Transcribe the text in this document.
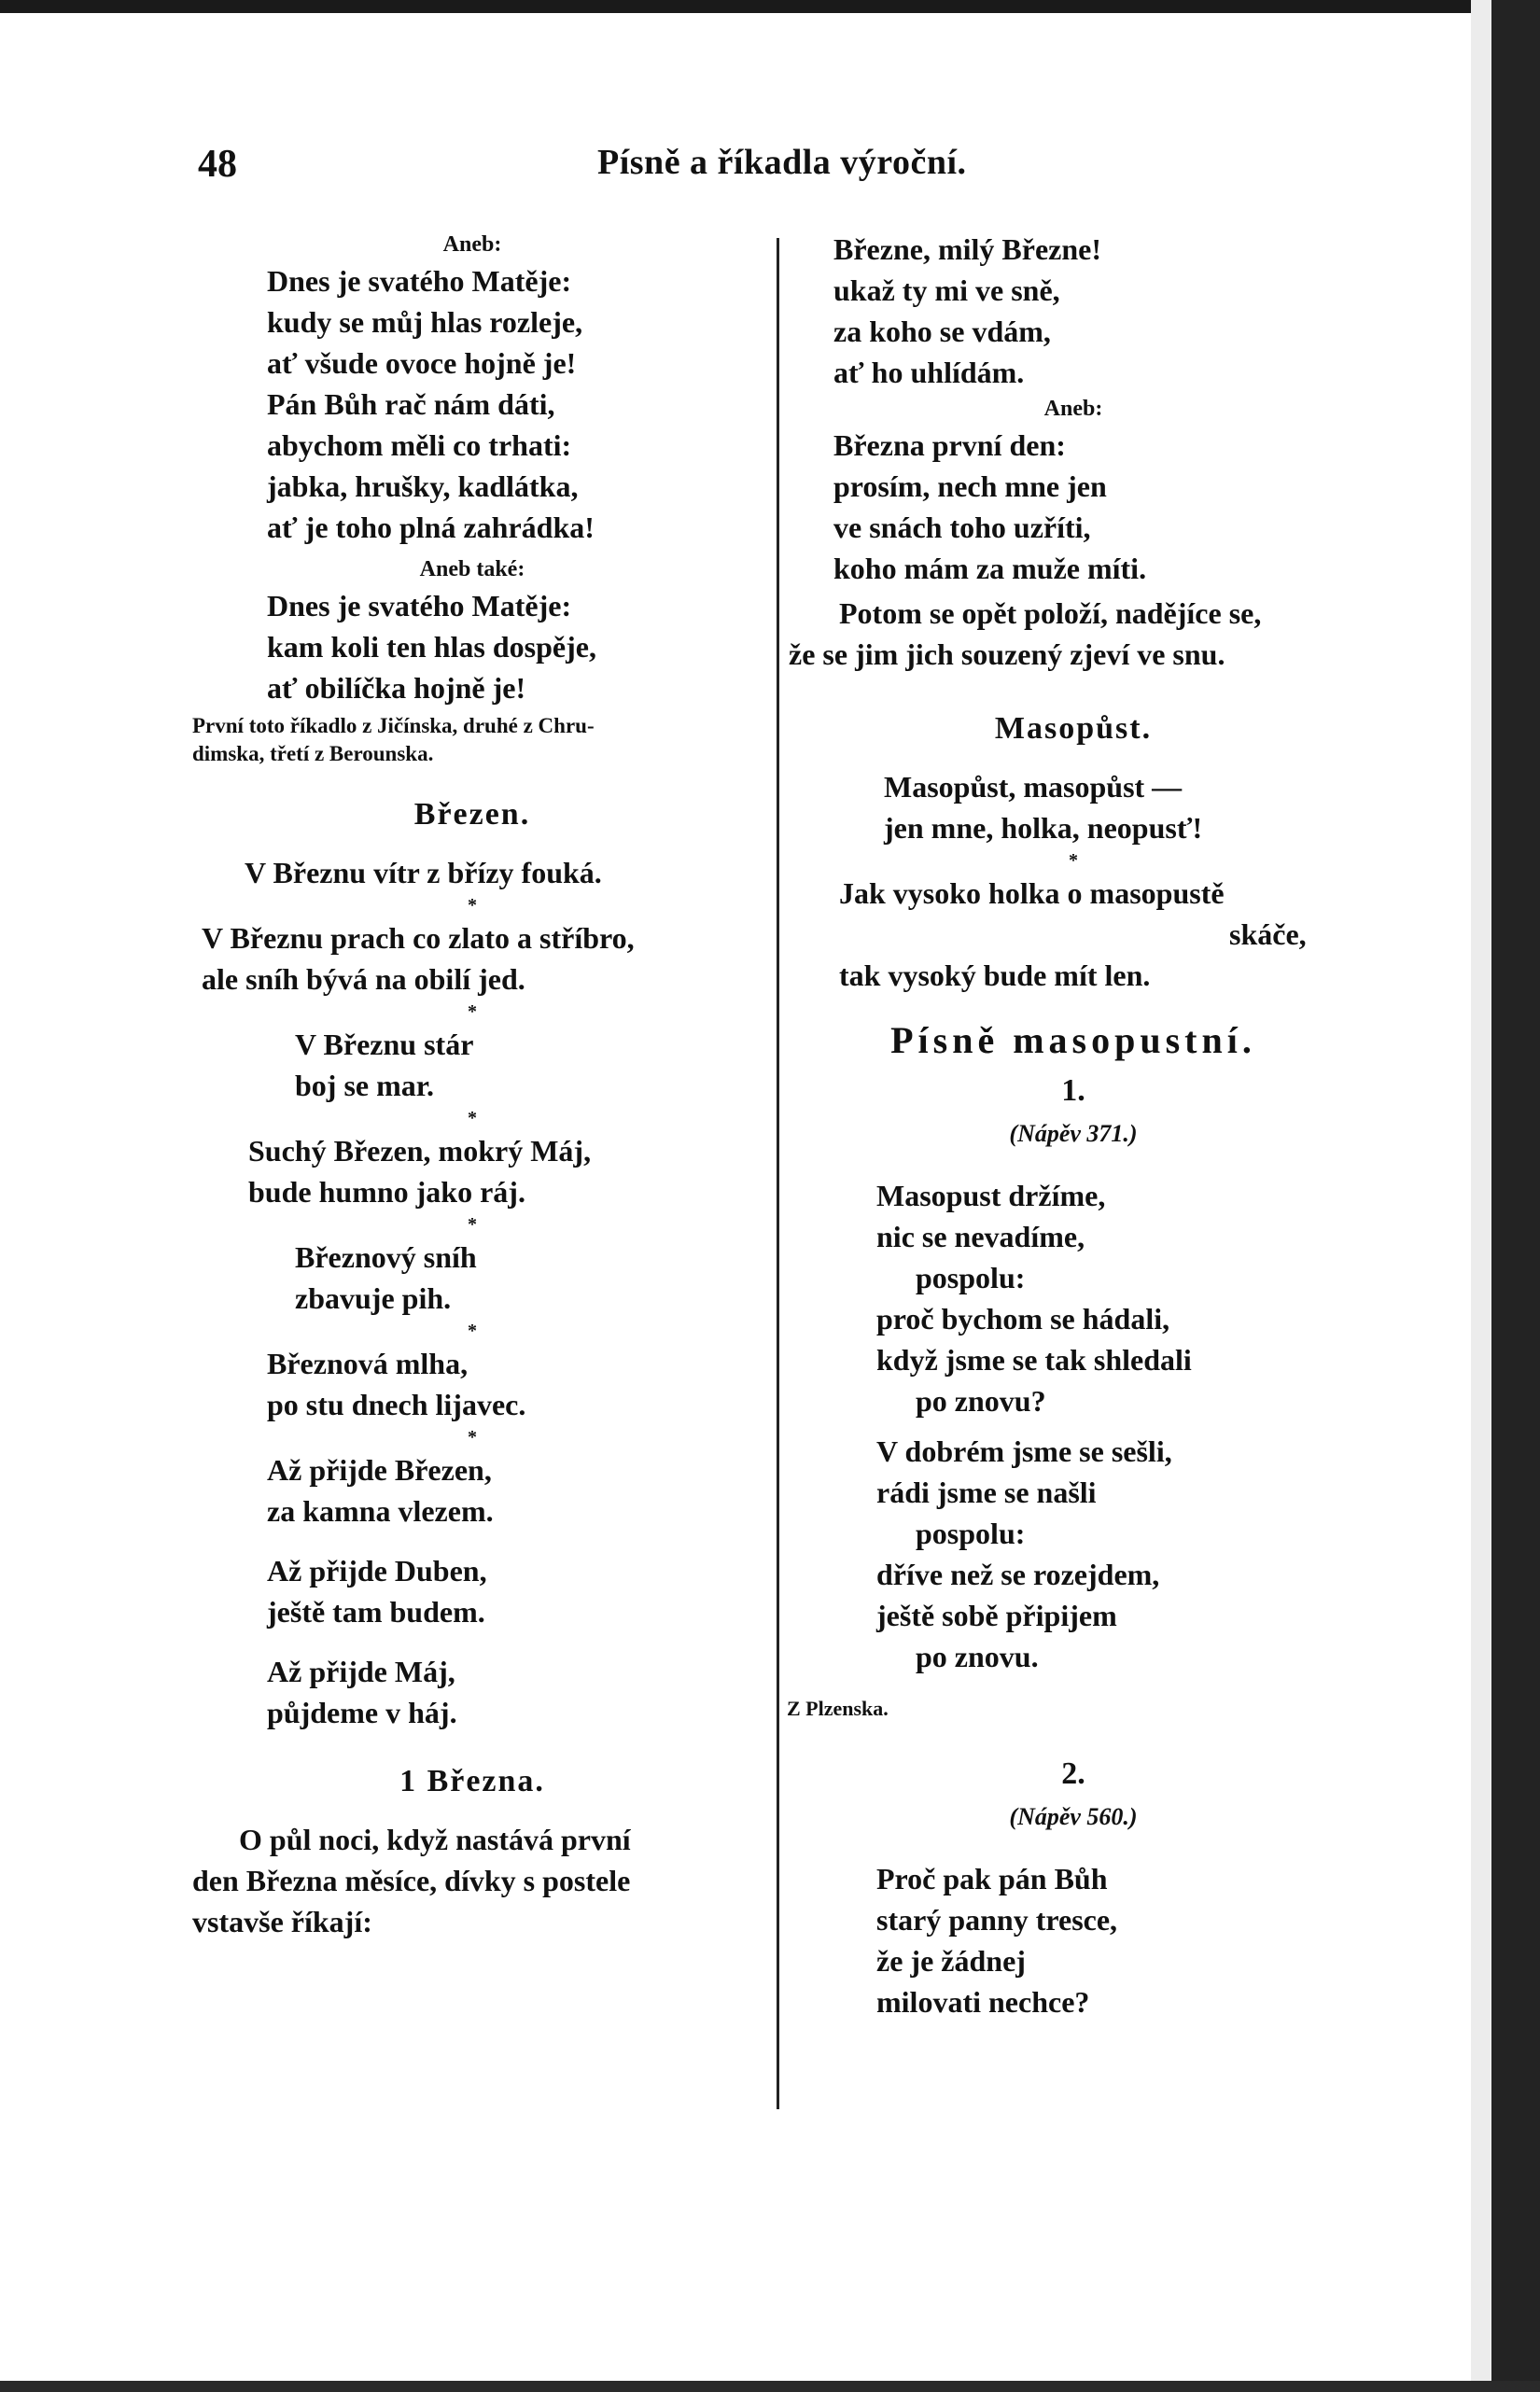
48	Písně a říkadla výroční.
Aneb:
Dnes je svatého Matěje:
kudy se můj hlas rozleje,
ať všude ovoce hojně je!
Pán Bůh rač nám dáti,
abychom měli co trhati:
jabka, hrušky, kadlátka,
ať je toho plná zahrádka!
Aneb také:
Dnes je svatého Matěje:
kam koli ten hlas dospěje,
ať obilíčka hojně je!
První toto říkadlo z Jičínska, druhé z Chru-
dimska, třetí z Berounska.
Březen.
V Březnu vítr z břízy fouká.
*
V Březnu prach co zlato a stříbro,
ale sníh bývá na obilí jed.
*
V Březnu stár
boj se mar.
*
Suchý Březen, mokrý Máj,
bude humno jako ráj.
*
Březnový sníh
zbavuje pih.
*
Březnová mlha,
po stu dnech lijavec.
*
Až přijde Březen,
za kamna vlezem.
Až přijde Duben,
ještě tam budem.
Až přijde Máj,
půjdeme v háj.
1 Března.
O půl noci, když nastává první
den Března měsíce, dívky s postele
vstavše říkají:
Březne, milý Březne!
ukaž ty mi ve sně,
za koho se vdám,
ať ho uhlídám.
Aneb:
Března první den:
prosím, nech mne jen
ve snách toho uzříti,
koho mám za muže míti.
Potom se opět položí, nadějíce se,
že se jim jich souzený zjeví ve snu.
Masopůst.
Masopůst, masopůst —
jen mne, holka, neopusť!
*
Jak vysoko holka o masopustě
skáče,
tak vysoký bude mít len.
Písně masopustní.
1.
(Nápěv 371.)
Masopust držíme,
nic se nevadíme,
pospolu:
proč bychom se hádali,
když jsme se tak shledali
po znovu?
V dobrém jsme se sešli,
rádi jsme se našli
pospolu:
dříve než se rozejdem,
ještě sobě připijem
po znovu.
Z Plzenska.
2.
(Nápěv 560.)
Proč pak pán Bůh
starý panny tresce,
že je žádnej
milovati nechce?
